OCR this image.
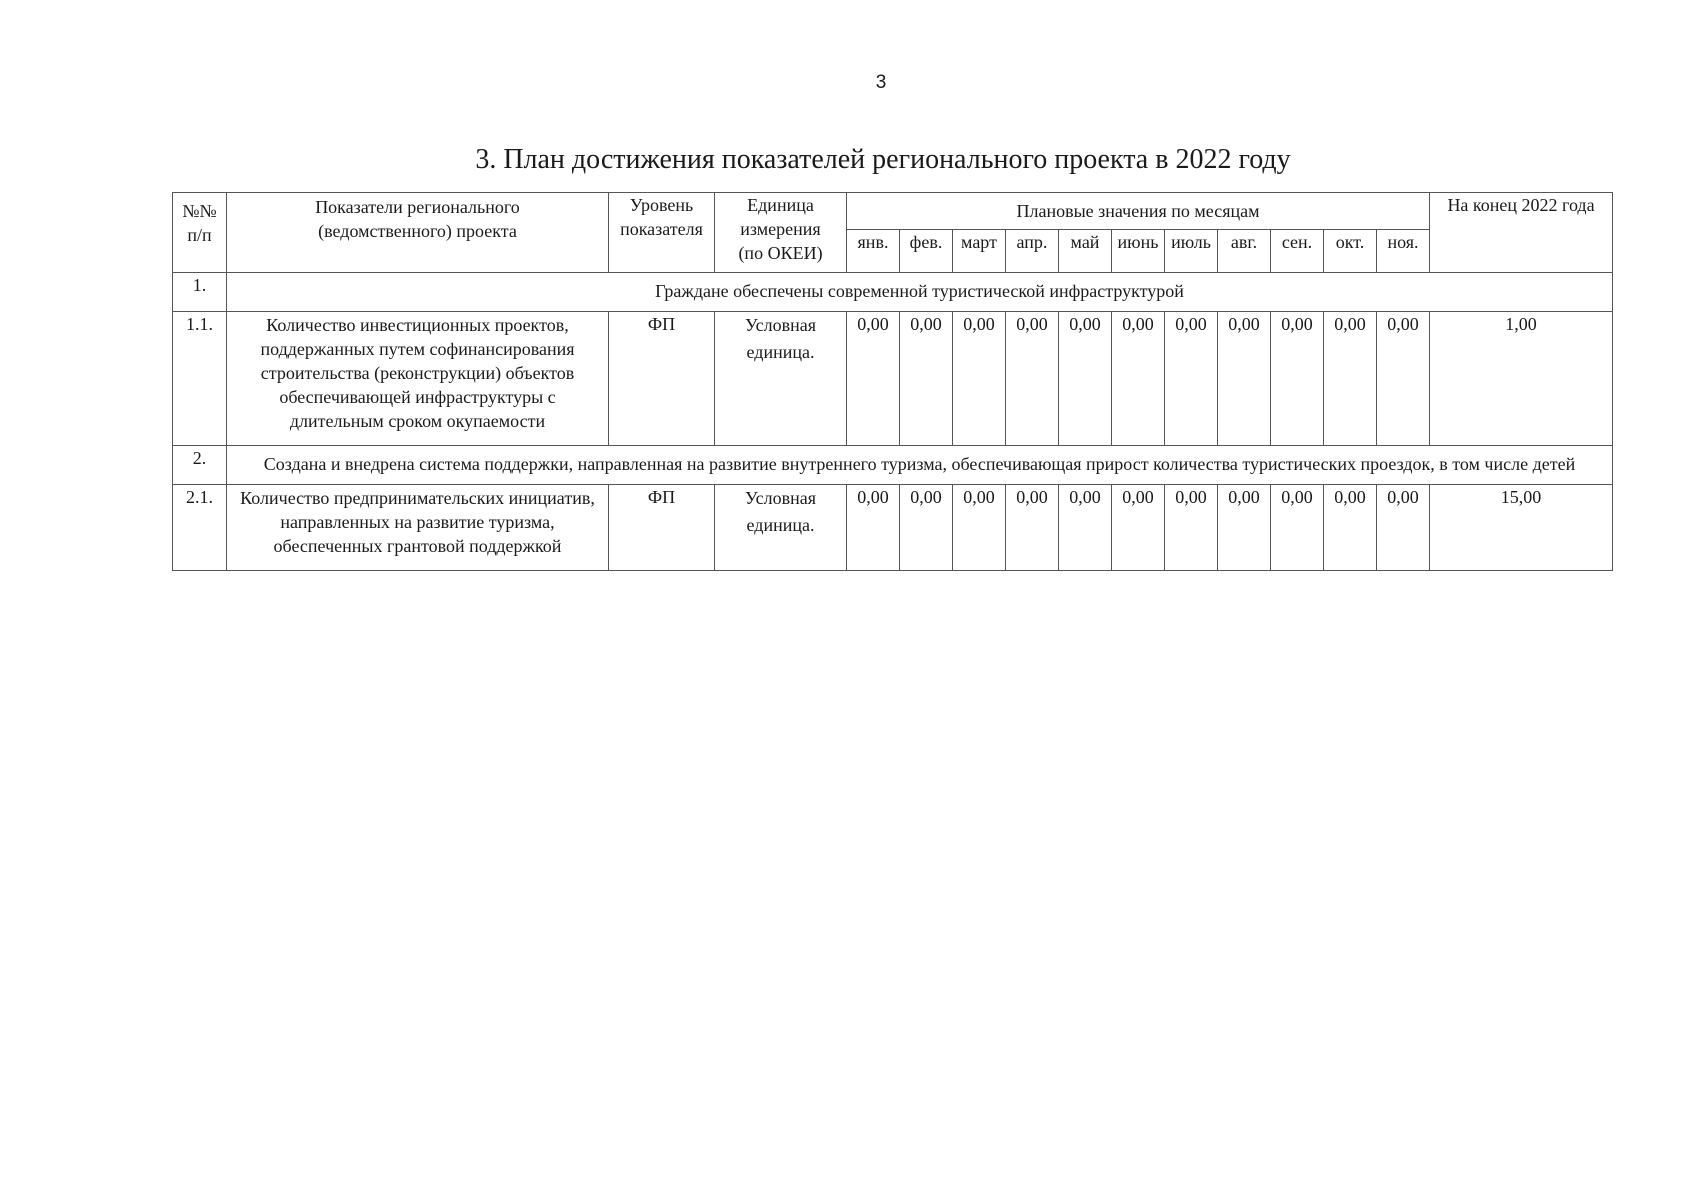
3
3. План достижения показателей регионального проекта в 2022 году
№№ п/п	Показатели регионального (ведомственного) проекта	Уровень показателя	Единица измерения (по ОКЕИ)	Плановые значения по месяцам											На конец 2022 года
				янв.	фев.	март	апр.	май	июнь	июль	авг.	сен.	окт.	ноя.	
1.	Граждане обеспечены современной туристической инфраструктурой														
1.1.	Количество инвестиционных проектов, поддержанных путем софинансирования строительства (реконструкции) объектов обеспечивающей инфраструктуры с длительным сроком окупаемости	ФП	Условная единица.	0,00	0,00	0,00	0,00	0,00	0,00	0,00	0,00	0,00	0,00	0,00	1,00
2.	Создана и внедрена система поддержки, направленная на развитие внутреннего туризма, обеспечивающая прирост количества туристических проездок, в том числе детей														
2.1.	Количество предпринимательских инициатив, направленных на развитие туризма, обеспеченных грантовой поддержкой	ФП	Условная единица.	0,00	0,00	0,00	0,00	0,00	0,00	0,00	0,00	0,00	0,00	0,00	15,00
